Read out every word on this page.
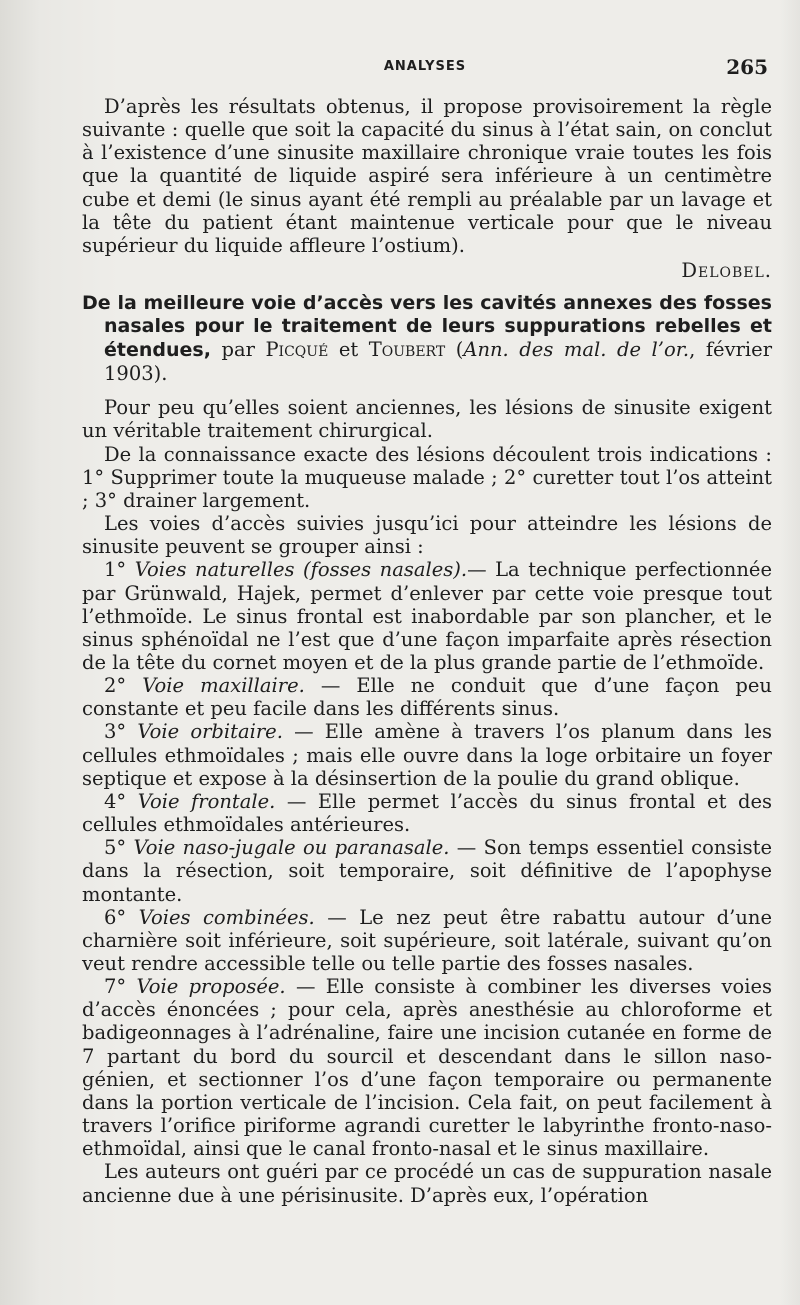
ANALYSES	265

D’après les résultats obtenus, il propose provisoirement la règle suivante : quelle que soit la capacité du sinus à l’état sain, on conclut à l’existence d’une sinusite maxillaire chronique vraie toutes les fois que la quantité de liquide aspiré sera inférieure à un centimètre cube et demi (le sinus ayant été rempli au préalable par un lavage et la tête du patient étant maintenue verticale pour que le niveau supérieur du liquide affleure l’ostium).

Delobel.

De la meilleure voie d’accès vers les cavités annexes des fosses nasales pour le traitement de leurs suppurations rebelles et étendues, par Picqué et Toubert (Ann. des mal. de l’or., février 1903).

Pour peu qu’elles soient anciennes, les lésions de sinusite exigent un véritable traitement chirurgical.

De la connaissance exacte des lésions découlent trois indications : 1° Supprimer toute la muqueuse malade ; 2° curetter tout l’os atteint ; 3° drainer largement.

Les voies d’accès suivies jusqu’ici pour atteindre les lésions de sinusite peuvent se grouper ainsi :

1° Voies naturelles (fosses nasales).— La technique perfectionnée par Grünwald, Hajek, permet d’enlever par cette voie presque tout l’ethmoïde. Le sinus frontal est inabordable par son plancher, et le sinus sphénoïdal ne l’est que d’une façon imparfaite après résection de la tête du cornet moyen et de la plus grande partie de l’ethmoïde.

2° Voie maxillaire. — Elle ne conduit que d’une façon peu constante et peu facile dans les différents sinus.

3° Voie orbitaire. — Elle amène à travers l’os planum dans les cellules ethmoïdales ; mais elle ouvre dans la loge orbitaire un foyer septique et expose à la désinsertion de la poulie du grand oblique.

4° Voie frontale. — Elle permet l’accès du sinus frontal et des cellules ethmoïdales antérieures.

5° Voie naso-jugale ou paranasale. — Son temps essentiel consiste dans la résection, soit temporaire, soit définitive de l’apophyse montante.

6° Voies combinées. — Le nez peut être rabattu autour d’une charnière soit inférieure, soit supérieure, soit latérale, suivant qu’on veut rendre accessible telle ou telle partie des fosses nasales.

7° Voie proposée. — Elle consiste à combiner les diverses voies d’accès énoncées ; pour cela, après anesthésie au chloroforme et badigeonnages à l’adrénaline, faire une incision cutanée en forme de 7 partant du bord du sourcil et descendant dans le sillon naso-génien, et sectionner l’os d’une façon temporaire ou permanente dans la portion verticale de l’incision. Cela fait, on peut facilement à travers l’orifice piriforme agrandi curetter le labyrinthe fronto-naso-ethmoïdal, ainsi que le canal fronto-nasal et le sinus maxillaire.

Les auteurs ont guéri par ce procédé un cas de suppuration nasale ancienne due à une périsinusite. D’après eux, l’opération
